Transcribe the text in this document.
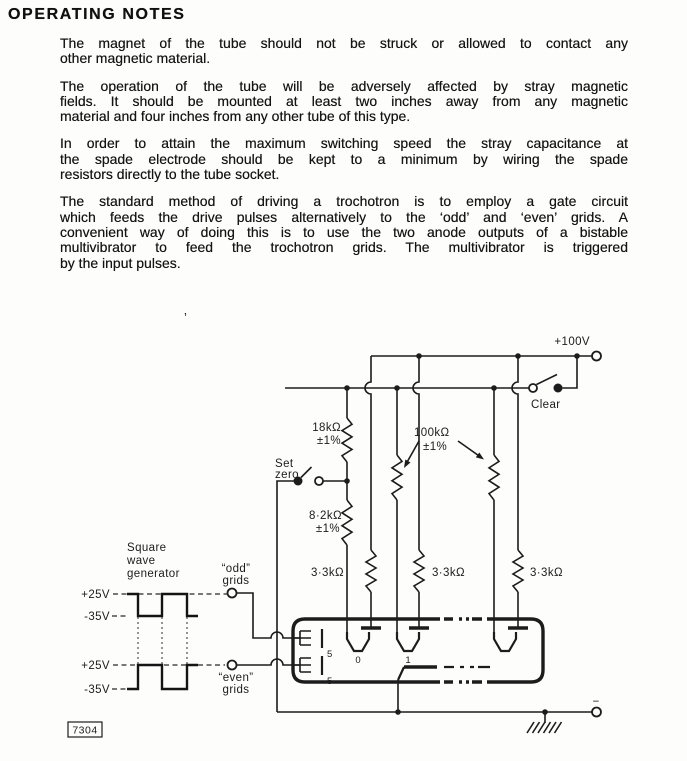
OPERATING NOTES
The magnet of the tube should not be struck or allowed to contact any
other magnetic material.
The operation of the tube will be adversely affected by stray magnetic
fields. It should be mounted at least two inches away from any magnetic
material and four inches from any other tube of this type.
In order to attain the maximum switching speed the stray capacitance at
the spade electrode should be kept to a minimum by wiring the spade
resistors directly to the tube socket.
The standard method of driving a trochotron is to employ a gate circuit
which feeds the drive pulses alternatively to the ‘odd’ and ‘even’ grids. A
convenient way of doing this is to use the two anode outputs of a bistable
multivibrator to feed the trochotron grids. The multivibrator is triggered
by the input pulses.
’
+100V
Clear
3·3kΩ	3·3kΩ	3·3kΩ
18kΩ
±1%
8·2kΩ
±1%
Set
zero
100kΩ
±1%
0	1
5
5
“odd”
grids
“even”
grids
Square
wave
generator
+25V
-35V
+25V
-35V
−
7304
